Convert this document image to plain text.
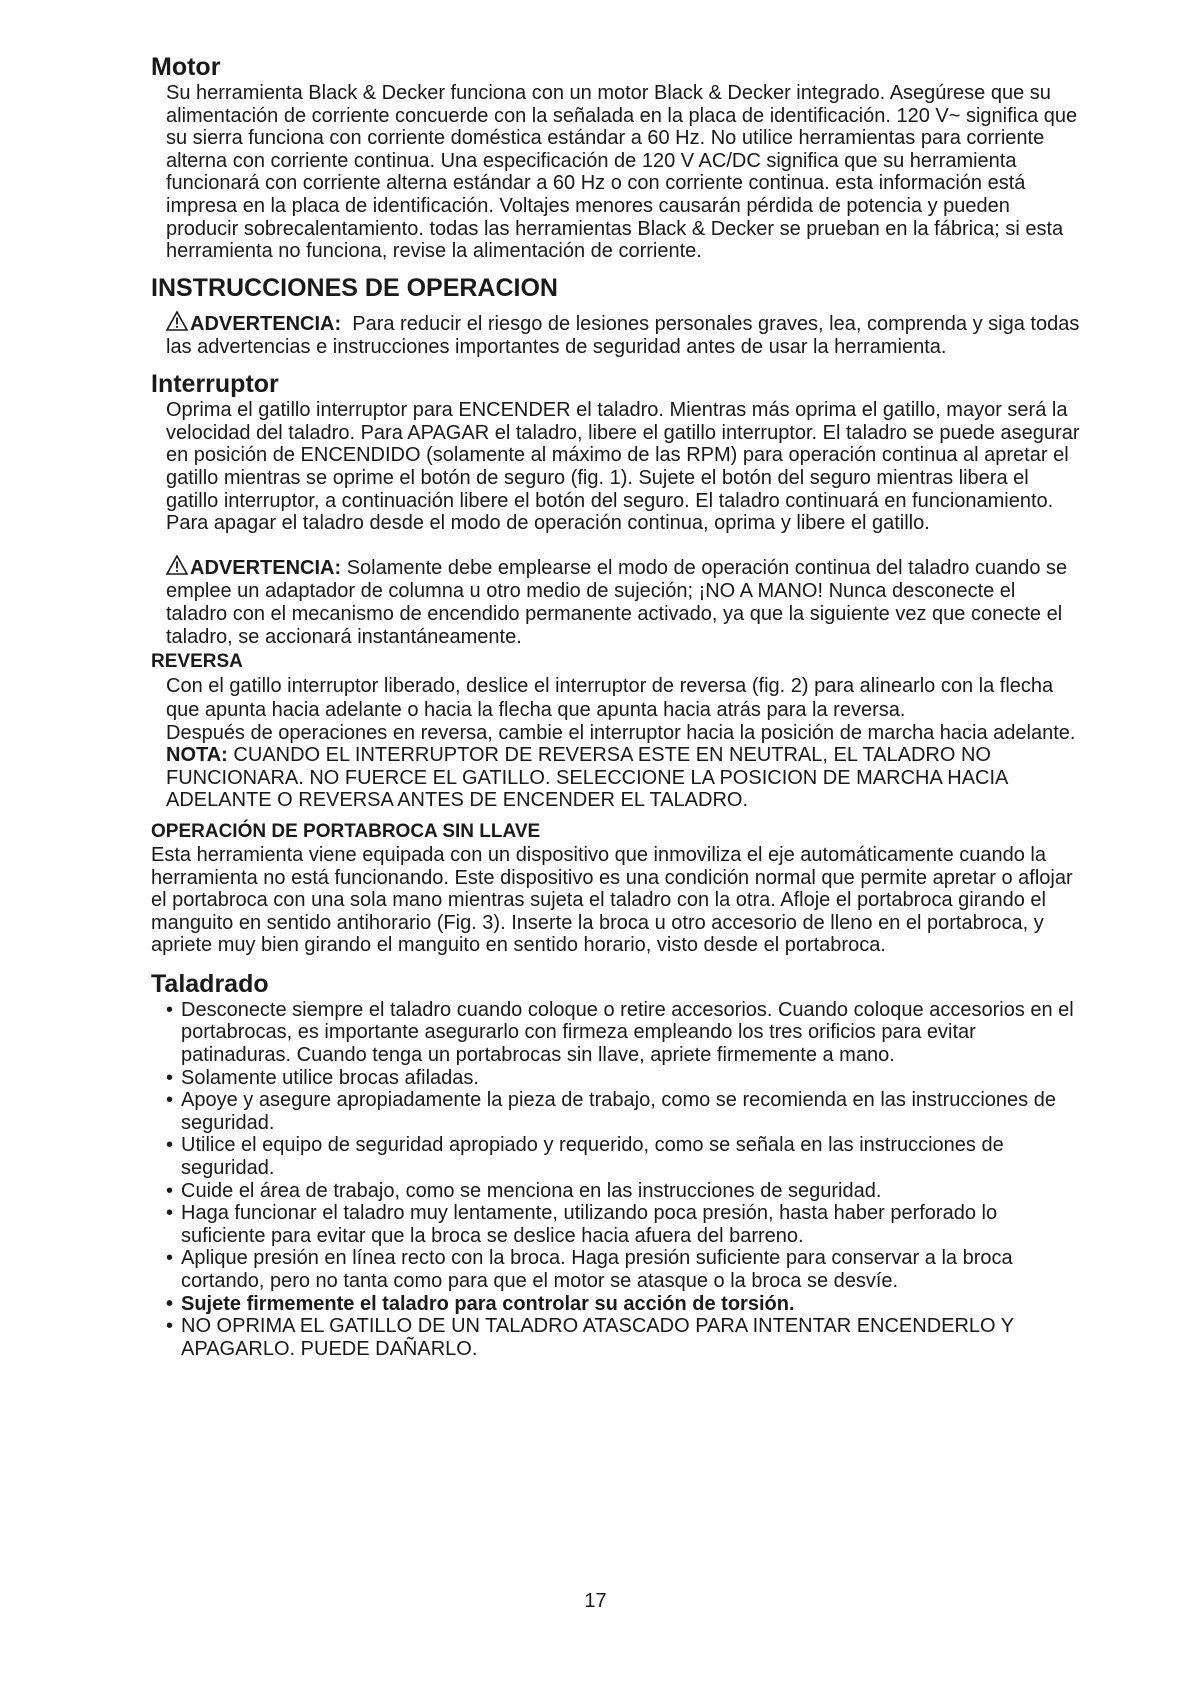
Motor

Su herramienta Black & Decker funciona con un motor Black & Decker integrado. Asegúrese que su alimentación de corriente concuerde con la señalada en la placa de identificación. 120 V~ significa que su sierra funciona con corriente doméstica estándar a 60 Hz. No utilice herramientas para corriente alterna con corriente continua. Una especificación de 120 V AC/DC significa que su herramienta funcionará con corriente alterna estándar a 60 Hz o con corriente continua. esta información está impresa en la placa de identificación. Voltajes menores causarán pérdida de potencia y pueden producir sobrecalentamiento. todas las herramientas Black & Decker se prueban en la fábrica; si esta herramienta no funciona, revise la alimentación de corriente.

INSTRUCCIONES DE OPERACION

ADVERTENCIA: Para reducir el riesgo de lesiones personales graves, lea, comprenda y siga todas las advertencias e instrucciones importantes de seguridad antes de usar la herramienta.

Interruptor

Oprima el gatillo interruptor para ENCENDER el taladro. Mientras más oprima el gatillo, mayor será la velocidad del taladro. Para APAGAR el taladro, libere el gatillo interruptor. El taladro se puede asegurar en posición de ENCENDIDO (solamente al máximo de las RPM) para operación continua al apretar el gatillo mientras se oprime el botón de seguro (fig. 1). Sujete el botón del seguro mientras libera el gatillo interruptor, a continuación libere el botón del seguro. El taladro continuará en funcionamiento. Para apagar el taladro desde el modo de operación continua, oprima y libere el gatillo.

ADVERTENCIA: Solamente debe emplearse el modo de operación continua del taladro cuando se emplee un adaptador de columna u otro medio de sujeción; ¡NO A MANO! Nunca desconecte el taladro con el mecanismo de encendido permanente activado, ya que la siguiente vez que conecte el taladro, se accionará instantáneamente.

REVERSA

Con el gatillo interruptor liberado, deslice el interruptor de reversa (fig. 2) para alinearlo con la flecha que apunta hacia adelante o hacia la flecha que apunta hacia atrás para la reversa.

Después de operaciones en reversa, cambie el interruptor hacia la posición de marcha hacia adelante.

NOTA: CUANDO EL INTERRUPTOR DE REVERSA ESTE EN NEUTRAL, EL TALADRO NO FUNCIONARA. NO FUERCE EL GATILLO. SELECCIONE LA POSICION DE MARCHA HACIA ADELANTE O REVERSA ANTES DE ENCENDER EL TALADRO.

OPERACIÓN DE PORTABROCA SIN LLAVE

Esta herramienta viene equipada con un dispositivo que inmoviliza el eje automáticamente cuando la herramienta no está funcionando. Este dispositivo es una condición normal que permite apretar o aflojar el portabroca con una sola mano mientras sujeta el taladro con la otra. Afloje el portabroca girando el manguito en sentido antihorario (Fig. 3). Inserte la broca u otro accesorio de lleno en el portabroca, y apriete muy bien girando el manguito en sentido horario, visto desde el portabroca.

Taladrado
• Desconecte siempre el taladro cuando coloque o retire accesorios. Cuando coloque accesorios en el portabrocas, es importante asegurarlo con firmeza empleando los tres orificios para evitar patinaduras. Cuando tenga un portabrocas sin llave, apriete firmemente a mano.
• Solamente utilice brocas afiladas.
• Apoye y asegure apropiadamente la pieza de trabajo, como se recomienda en las instrucciones de seguridad.
• Utilice el equipo de seguridad apropiado y requerido, como se señala en las instrucciones de seguridad.
• Cuide el área de trabajo, como se menciona en las instrucciones de seguridad.
• Haga funcionar el taladro muy lentamente, utilizando poca presión, hasta haber perforado lo suficiente para evitar que la broca se deslice hacia afuera del barreno.
• Aplique presión en línea recto con la broca. Haga presión suficiente para conservar a la broca cortando, pero no tanta como para que el motor se atasque o la broca se desvíe.
• Sujete firmemente el taladro para controlar su acción de torsión.
• NO OPRIMA EL GATILLO DE UN TALADRO ATASCADO PARA INTENTAR ENCENDERLO Y APAGARLO. PUEDE DAÑARLO.
17
